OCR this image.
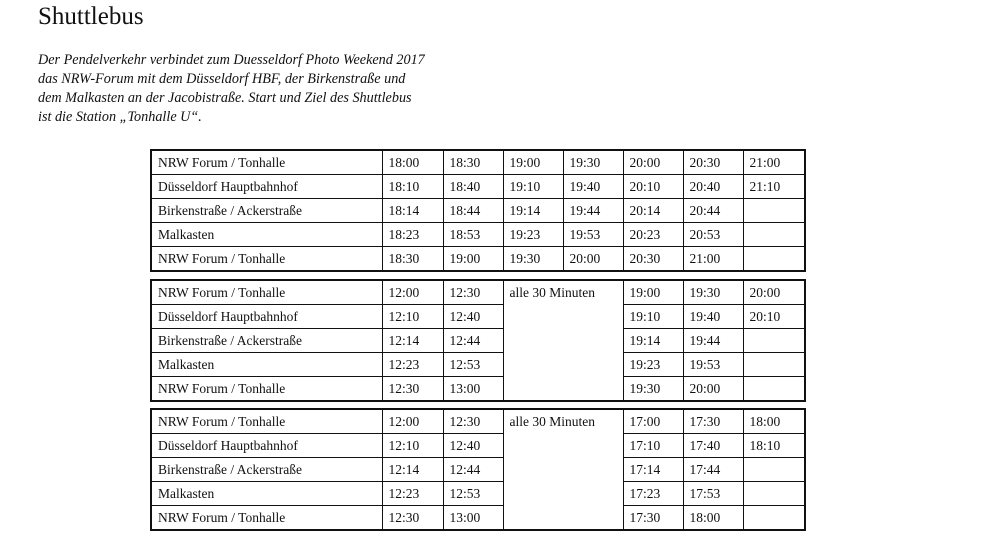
Shuttlebus
Der Pendelverkehr verbindet zum Duesseldorf Photo Weekend 2017
das NRW-Forum mit dem Düsseldorf HBF, der Birkenstraße und
dem Malkasten an der Jacobistraße. Start und Ziel des Shuttlebus
ist die Station „Tonhalle U“.
NRW Forum / Tonhalle	18:00	18:30	19:00	19:30	20:00	20:30	21:00
Düsseldorf Hauptbahnhof	18:10	18:40	19:10	19:40	20:10	20:40	21:10
Birkenstraße / Ackerstraße	18:14	18:44	19:14	19:44	20:14	20:44	
Malkasten	18:23	18:53	19:23	19:53	20:23	20:53	
NRW Forum / Tonhalle	18:30	19:00	19:30	20:00	20:30	21:00	
NRW Forum / Tonhalle	12:00	12:30	alle 30 Minuten	19:00	19:30	20:00
Düsseldorf Hauptbahnhof	12:10	12:40		19:10	19:40	20:10
Birkenstraße / Ackerstraße	12:14	12:44		19:14	19:44	
Malkasten	12:23	12:53		19:23	19:53	
NRW Forum / Tonhalle	12:30	13:00		19:30	20:00	
NRW Forum / Tonhalle	12:00	12:30	alle 30 Minuten	17:00	17:30	18:00
Düsseldorf Hauptbahnhof	12:10	12:40		17:10	17:40	18:10
Birkenstraße / Ackerstraße	12:14	12:44		17:14	17:44	
Malkasten	12:23	12:53		17:23	17:53	
NRW Forum / Tonhalle	12:30	13:00		17:30	18:00	
